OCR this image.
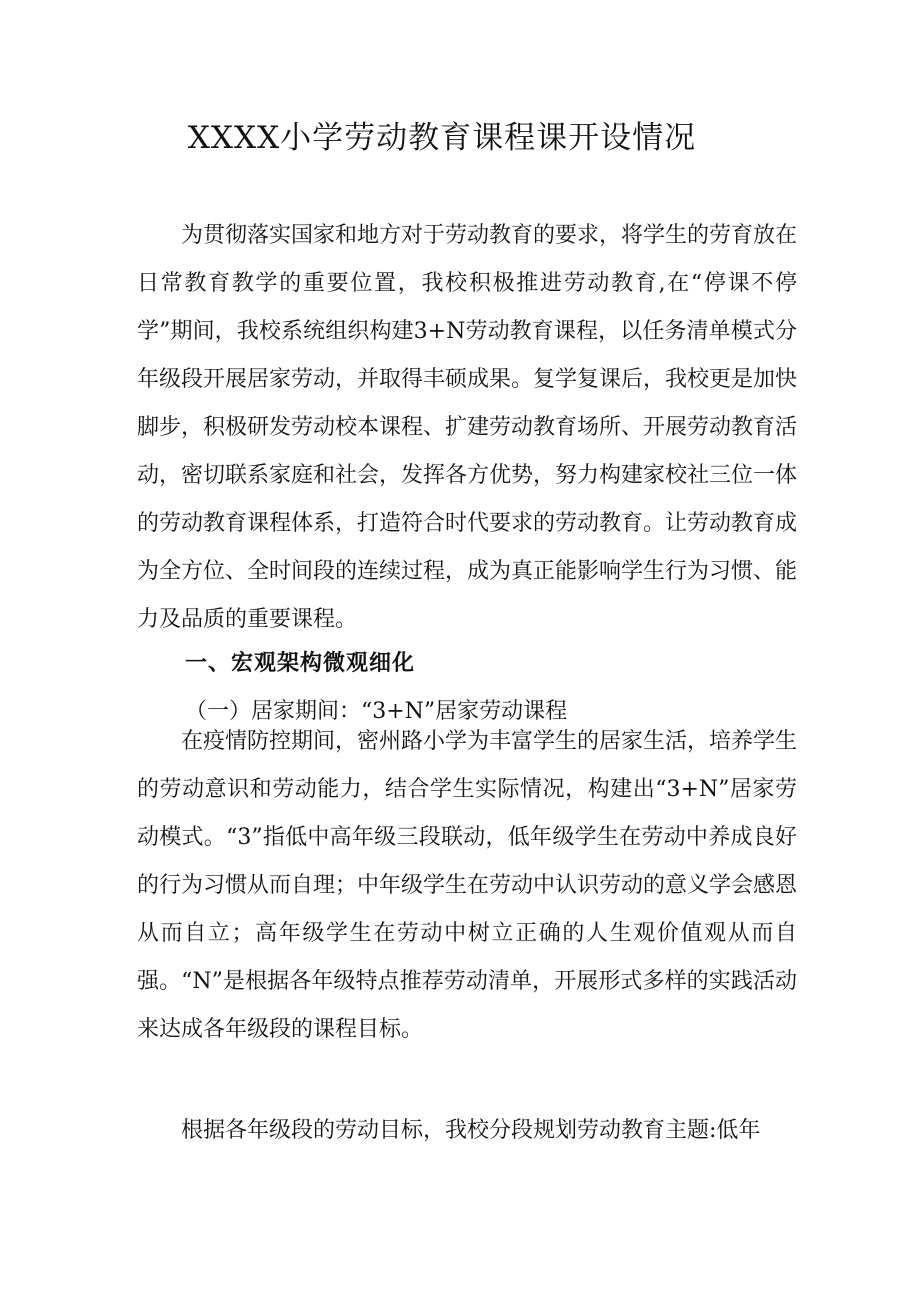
XXXX小学劳动教育课程课开设情况

为贯彻落实国家和地方对于劳动教育的要求，将学生的劳育放在日常教育教学的重要位置，我校积极推进劳动教育,在“停课不停学”期间，我校系统组织构建3+N劳动教育课程，以任务清单模式分年级段开展居家劳动，并取得丰硕成果。复学复课后，我校更是加快脚步，积极研发劳动校本课程、扩建劳动教育场所、开展劳动教育活动，密切联系家庭和社会，发挥各方优势，努力构建家校社三位一体的劳动教育课程体系，打造符合时代要求的劳动教育。让劳动教育成为全方位、全时间段的连续过程，成为真正能影响学生行为习惯、能力及品质的重要课程。

一、宏观架构微观细化
（一）居家期间：“3+N”居家劳动课程

在疫情防控期间，密州路小学为丰富学生的居家生活，培养学生的劳动意识和劳动能力，结合学生实际情况，构建出“3+N”居家劳动模式。“3”指低中高年级三段联动，低年级学生在劳动中养成良好的行为习惯从而自理；中年级学生在劳动中认识劳动的意义学会感恩从而自立；高年级学生在劳动中树立正确的人生观价值观从而自强。“N”是根据各年级特点推荐劳动清单，开展形式多样的实践活动来达成各年级段的课程目标。

根据各年级段的劳动目标，我校分段规划劳动教育主题:低年
